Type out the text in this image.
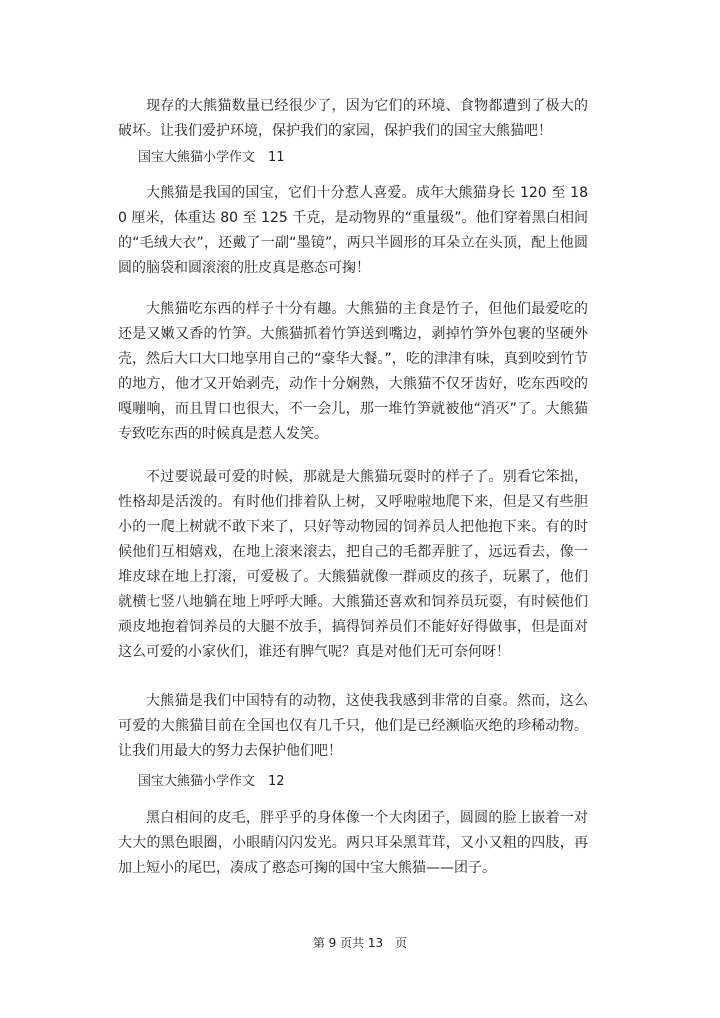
现存的大熊猫数量已经很少了，因为它们的环境、食物都遭到了极大的破坏。让我们爱护环境，保护我们的家园，保护我们的国宝大熊猫吧！

国宝大熊猫小学作文　11

大熊猫是我国的国宝，它们十分惹人喜爱。成年大熊猫身长 120 至 180 厘米，体重达 80 至 125 千克，是动物界的“重量级”。他们穿着黑白相间的“毛绒大衣”，还戴了一副“墨镜”，两只半圆形的耳朵立在头顶，配上他圆圆的脑袋和圆滚滚的肚皮真是憨态可掬！

大熊猫吃东西的样子十分有趣。大熊猫的主食是竹子，但他们最爱吃的还是又嫩又香的竹笋。大熊猫抓着竹笋送到嘴边，剥掉竹笋外包裹的坚硬外壳，然后大口大口地享用自己的“豪华大餐。”，吃的津津有味，真到咬到竹节的地方，他才又开始剥壳，动作十分娴熟，大熊猫不仅牙齿好，吃东西咬的嘎嘣响，而且胃口也很大，不一会儿，那一堆竹笋就被他“消灭”了。大熊猫专致吃东西的时候真是惹人发笑。

不过要说最可爱的时候，那就是大熊猫玩耍时的样子了。别看它笨拙，性格却是活泼的。有时他们排着队上树，又呼啦啦地爬下来，但是又有些胆小的一爬上树就不敢下来了，只好等动物园的饲养员人把他抱下来。有的时候他们互相嬉戏，在地上滚来滚去，把自己的毛都弄脏了，远远看去，像一堆皮球在地上打滚，可爱极了。大熊猫就像一群顽皮的孩子，玩累了，他们就横七竖八地躺在地上呼呼大睡。大熊猫还喜欢和饲养员玩耍，有时候他们顽皮地抱着饲养员的大腿不放手，搞得饲养员们不能好好得做事，但是面对这么可爱的小家伙们，谁还有脾气呢？真是对他们无可奈何呀！

大熊猫是我们中国特有的动物，这使我我感到非常的自豪。然而，这么可爱的大熊猫目前在全国也仅有几千只，他们是已经濒临灭绝的珍稀动物。让我们用最大的努力去保护他们吧！

国宝大熊猫小学作文　12

黑白相间的皮毛，胖乎乎的身体像一个大肉团子，圆圆的脸上嵌着一对大大的黑色眼圈，小眼睛闪闪发光。两只耳朵黑茸茸，又小又粗的四肢，再加上短小的尾巴，凑成了憨态可掬的国中宝大熊猫——团子。

第 9 页共 13　页
